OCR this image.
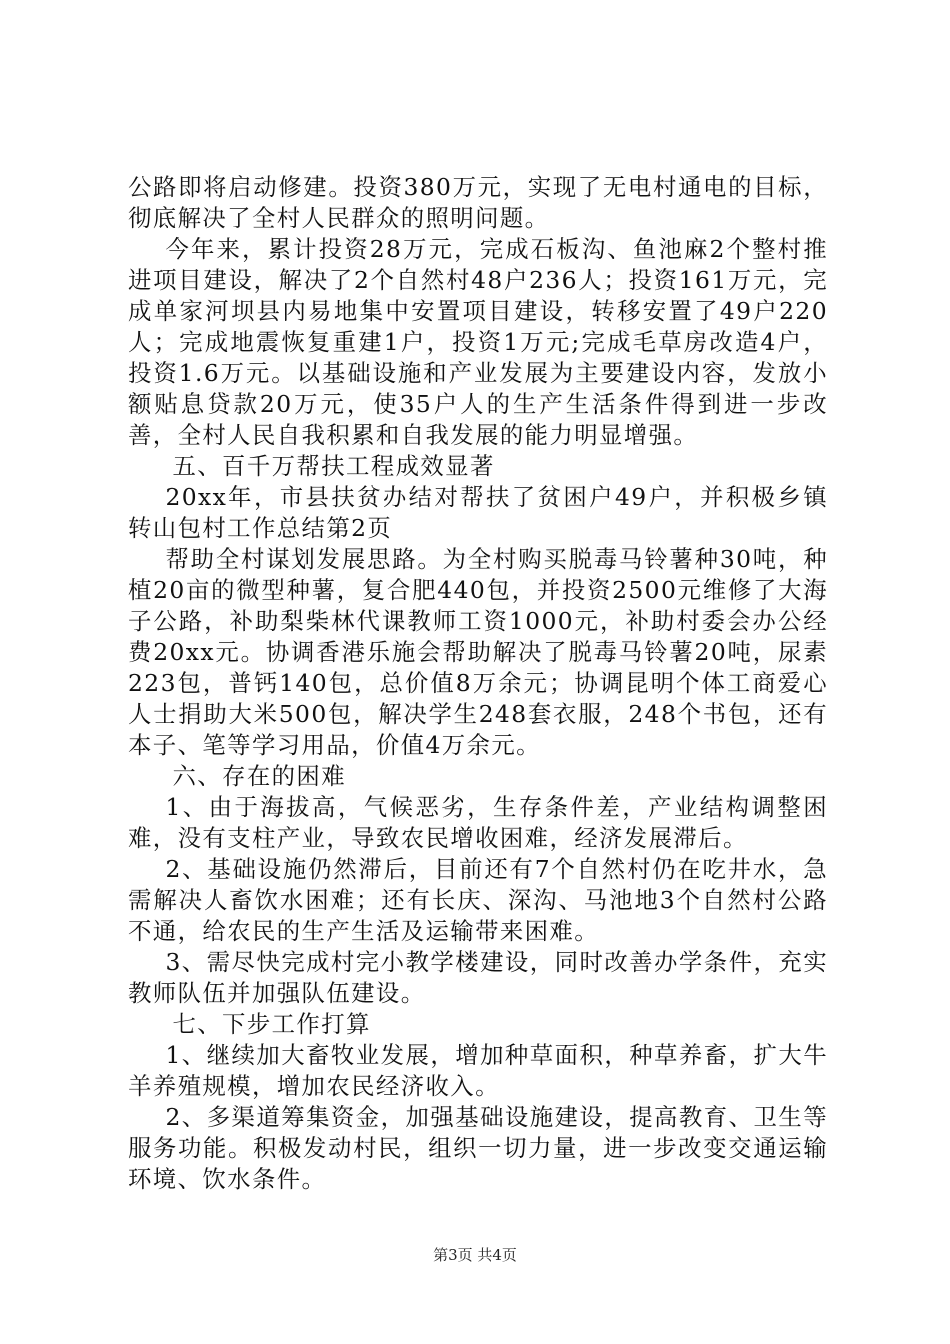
公路即将启动修建。投资380万元，实现了无电村通电的目标，彻底解决了全村人民群众的照明问题。

今年来，累计投资28万元，完成石板沟、鱼池麻2个整村推进项目建设，解决了2个自然村48户236人；投资161万元，完成单家河坝县内易地集中安置项目建设，转移安置了49户220人；完成地震恢复重建1户，投资1万元;完成毛草房改造4户，投资1.6万元。以基础设施和产业发展为主要建设内容，发放小额贴息贷款20万元，使35户人的生产生活条件得到进一步改善，全村人民自我积累和自我发展的能力明显增强。

五、百千万帮扶工程成效显著

20xx年，市县扶贫办结对帮扶了贫困户49户，并积极乡镇转山包村工作总结第2页

帮助全村谋划发展思路。为全村购买脱毒马铃薯种30吨，种植20亩的微型种薯，复合肥440包，并投资2500元维修了大海子公路，补助梨柴林代课教师工资1000元，补助村委会办公经费20xx元。协调香港乐施会帮助解决了脱毒马铃薯20吨，尿素223包，普钙140包，总价值8万余元；协调昆明个体工商爱心人士捐助大米500包，解决学生248套衣服，248个书包，还有本子、笔等学习用品，价值4万余元。

六、存在的困难

1、由于海拔高，气候恶劣，生存条件差，产业结构调整困难，没有支柱产业，导致农民增收困难，经济发展滞后。

2、基础设施仍然滞后，目前还有7个自然村仍在吃井水，急需解决人畜饮水困难；还有长庆、深沟、马池地3个自然村公路不通，给农民的生产生活及运输带来困难。

3、需尽快完成村完小教学楼建设，同时改善办学条件，充实教师队伍并加强队伍建设。

七、下步工作打算

1、继续加大畜牧业发展，增加种草面积，种草养畜，扩大牛羊养殖规模，增加农民经济收入。

2、多渠道筹集资金，加强基础设施建设，提高教育、卫生等服务功能。积极发动村民，组织一切力量，进一步改变交通运输环境、饮水条件。

第3页 共4页
